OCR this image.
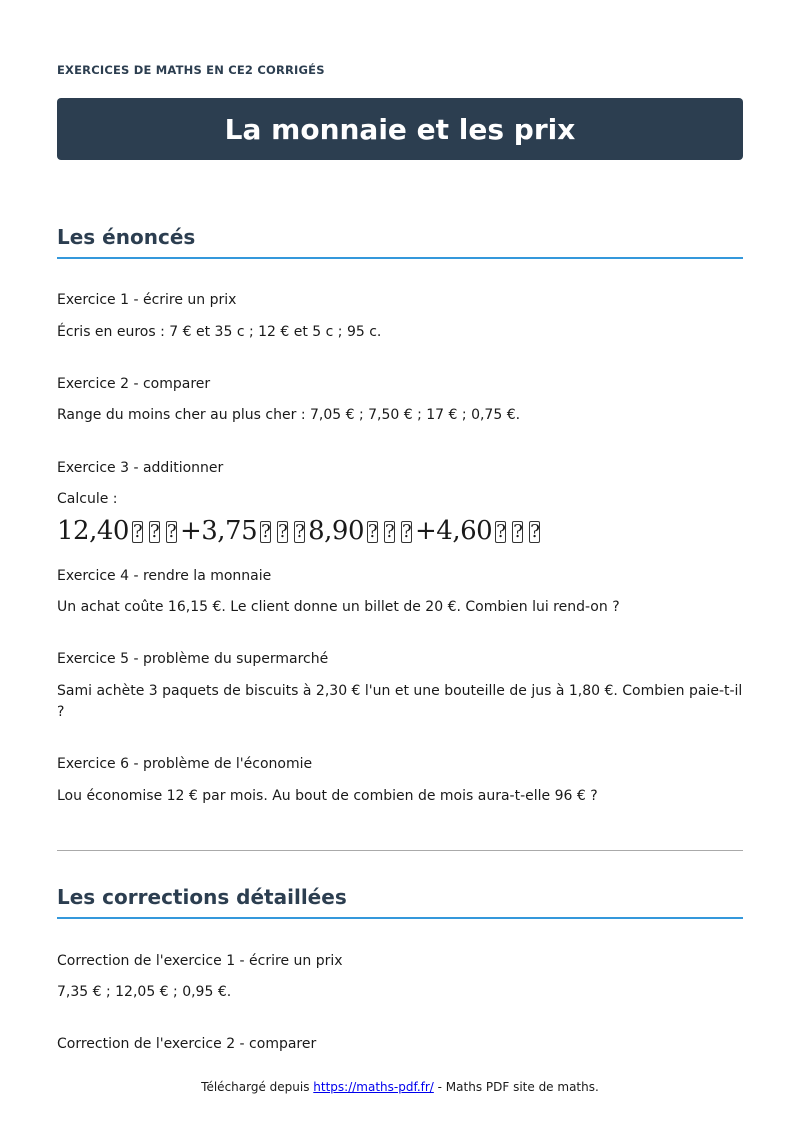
EXERCICES DE MATHS EN CE2 CORRIGÉS
La monnaie et les prix
Les énoncés
Exercice 1 - écrire un prix
Écris en euros : 7 € et 35 c ; 12 € et 5 c ; 95 c.
Exercice 2 - comparer
Range du moins cher au plus cher : 7,05 € ; 7,50 € ; 17 € ; 0,75 €.
Exercice 3 - additionner
Calcule :
12,40 ? ? ? +3,75 ? ? ? 8,90 ? ? ? +4,60 ? ? ?
Exercice 4 - rendre la monnaie
Un achat coûte 16,15 €. Le client donne un billet de 20 €. Combien lui rend-on ?
Exercice 5 - problème du supermarché
Sami achète 3 paquets de biscuits à 2,30 € l'un et une bouteille de jus à 1,80 €. Combien paie-t-il ?
Exercice 6 - problème de l'économie
Lou économise 12 € par mois. Au bout de combien de mois aura-t-elle 96 € ?
Les corrections détaillées
Correction de l'exercice 1 - écrire un prix
7,35 € ; 12,05 € ; 0,95 €.
Correction de l'exercice 2 - comparer
Téléchargé depuis https://maths-pdf.fr/ - Maths PDF site de maths.
